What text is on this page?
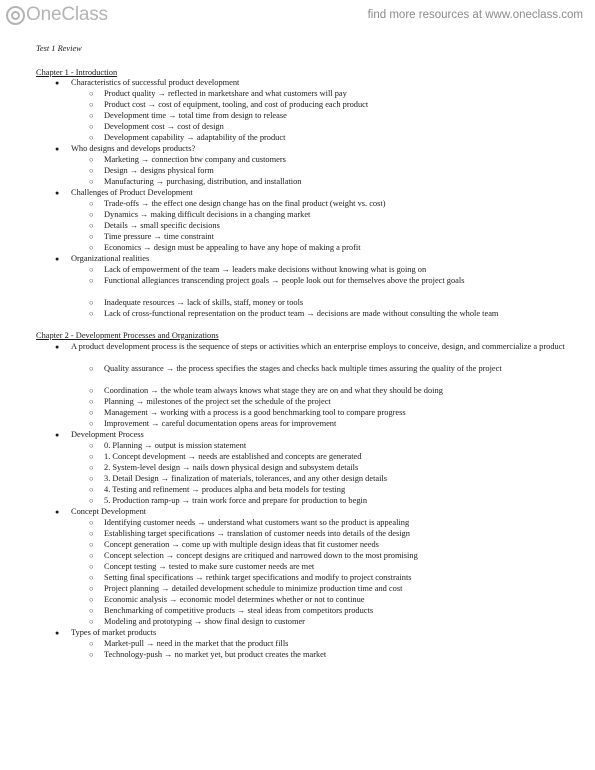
OneClass	find more resources at www.oneclass.com
Test 1 Review
Chapter 1 - Introduction
● Characteristics of successful product development
○ Product quality → reflected in marketshare and what customers will pay
○ Product cost → cost of equipment, tooling, and cost of producing each product
○ Development time → total time from design to release
○ Development cost → cost of design
○ Development capability → adaptability of the product
● Who designs and develops products?
○ Marketing → connection btw company and customers
○ Design → designs physical form
○ Manufacturing → purchasing, distribution, and installation
● Challenges of Product Development
○ Trade-offs → the effect one design change has on the final product (weight vs. cost)
○ Dynamics → making difficult decisions in a changing market
○ Details → small specific decisions
○ Time pressure → time constraint
○ Economics → design must be appealing to have any hope of making a profit
● Organizational realities
○ Lack of empowerment of the team → leaders make decisions without knowing what is going on
○ Functional allegiances transcending project goals → people look out for themselves above the project goals
○ Inadequate resources → lack of skills, staff, money or tools
○ Lack of cross-functional representation on the product team → decisions are made without consulting the whole team
Chapter 2 - Development Processes and Organizations
● A product development process is the sequence of steps or activities which an enterprise employs to conceive, design, and commercialize a product
○ Quality assurance → the process specifies the stages and checks back multiple times assuring the quality of the project
○ Coordination → the whole team always knows what stage they are on and what they should be doing
○ Planning → milestones of the project set the schedule of the project
○ Management → working with a process is a good benchmarking tool to compare progress
○ Improvement → careful documentation opens areas for improvement
● Development Process
○ 0. Planning → output is mission statement
○ 1. Concept development → needs are established and concepts are generated
○ 2. System-level design → nails down physical design and subsystem details
○ 3. Detail Design → finalization of materials, tolerances, and any other design details
○ 4. Testing and refinement → produces alpha and beta models for testing
○ 5. Production ramp-up → train work force and prepare for production to begin
● Concept Development
○ Identifying customer needs → understand what customers want so the product is appealing
○ Establishing target specifications → translation of customer needs into details of the design
○ Concept generation → come up with multiple design ideas that fit customer needs
○ Concept selection → concept designs are critiqued and narrowed down to the most promising
○ Concept testing → tested to make sure customer needs are met
○ Setting final specifications → rethink target specifications and modify to project constraints
○ Project planning → detailed development schedule to minimize production time and cost
○ Economic analysis → economic model determines whether or not to continue
○ Benchmarking of competitive products → steal ideas from competitors products
○ Modeling and prototyping → show final design to customer
● Types of market products
○ Market-pull → need in the market that the product fills
○ Technology-push → no market yet, but product creates the market
